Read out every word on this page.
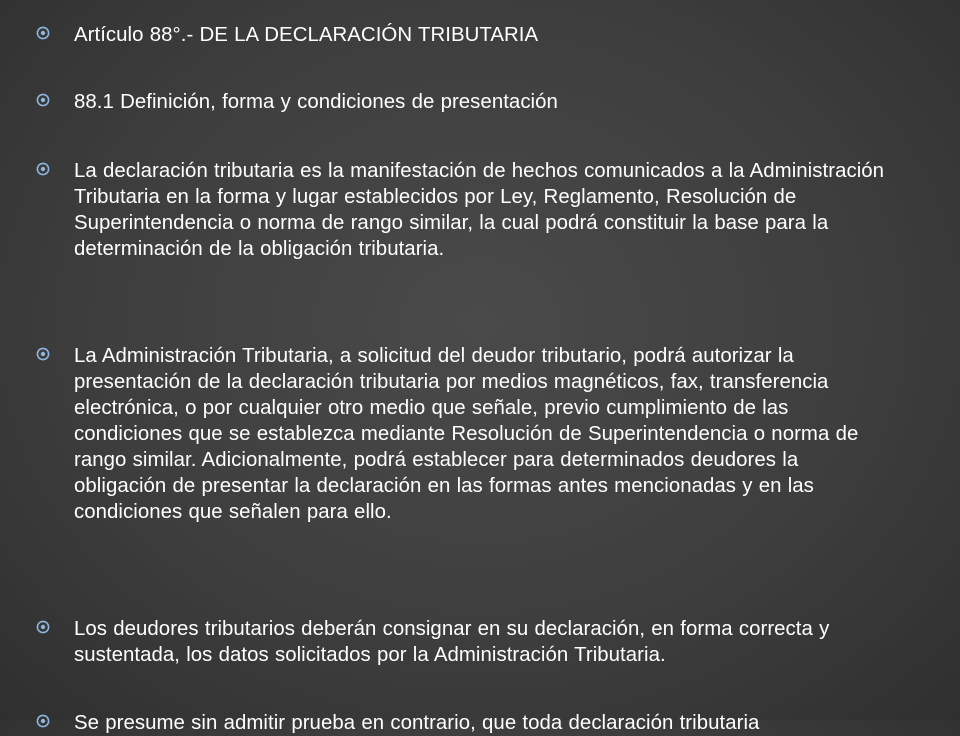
Artículo 88°.- DE LA DECLARACIÓN TRIBUTARIA
88.1 Definición, forma y condiciones de presentación
La declaración tributaria es la manifestación de hechos comunicados a la Administración Tributaria en la forma y lugar establecidos por Ley, Reglamento, Resolución de Superintendencia o norma de rango similar, la cual podrá constituir la base para la determinación de la obligación tributaria.
La Administración Tributaria, a solicitud del deudor tributario, podrá autorizar la presentación de la declaración tributaria por medios magnéticos, fax, transferencia electrónica, o por cualquier otro medio que señale, previo cumplimiento de las condiciones que se establezca mediante Resolución de Superintendencia o norma de rango similar. Adicionalmente, podrá establecer para determinados deudores la obligación de presentar la declaración en las formas antes mencionadas y en las condiciones que señalen para ello.
Los deudores tributarios deberán consignar en su declaración, en forma correcta y sustentada, los datos solicitados por la Administración Tributaria.
Se presume sin admitir prueba en contrario, que toda declaración tributaria
